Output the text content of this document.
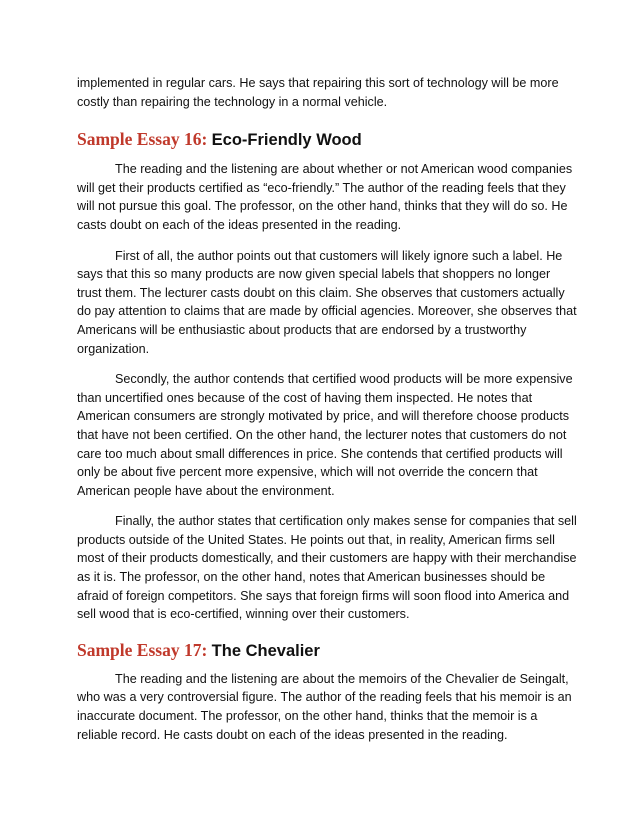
implemented in regular cars. He says that repairing this sort of technology will be more costly than repairing the technology in a normal vehicle.

Sample Essay 16: Eco-Friendly Wood

The reading and the listening are about whether or not American wood companies will get their products certified as “eco-friendly.” The author of the reading feels that they will not pursue this goal. The professor, on the other hand, thinks that they will do so. He casts doubt on each of the ideas presented in the reading.

First of all, the author points out that customers will likely ignore such a label. He says that this so many products are now given special labels that shoppers no longer trust them. The lecturer casts doubt on this claim. She observes that customers actually do pay attention to claims that are made by official agencies. Moreover, she observes that Americans will be enthusiastic about products that are endorsed by a trustworthy organization.

Secondly, the author contends that certified wood products will be more expensive than uncertified ones because of the cost of having them inspected. He notes that American consumers are strongly motivated by price, and will therefore choose products that have not been certified. On the other hand, the lecturer notes that customers do not care too much about small differences in price. She contends that certified products will only be about five percent more expensive, which will not override the concern that American people have about the environment.

Finally, the author states that certification only makes sense for companies that sell products outside of the United States. He points out that, in reality, American firms sell most of their products domestically, and their customers are happy with their merchandise as it is. The professor, on the other hand, notes that American businesses should be afraid of foreign competitors. She says that foreign firms will soon flood into America and sell wood that is eco-certified, winning over their customers.

Sample Essay 17: The Chevalier

The reading and the listening are about the memoirs of the Chevalier de Seingalt, who was a very controversial figure. The author of the reading feels that his memoir is an inaccurate document. The professor, on the other hand, thinks that the memoir is a reliable record. He casts doubt on each of the ideas presented in the reading.
